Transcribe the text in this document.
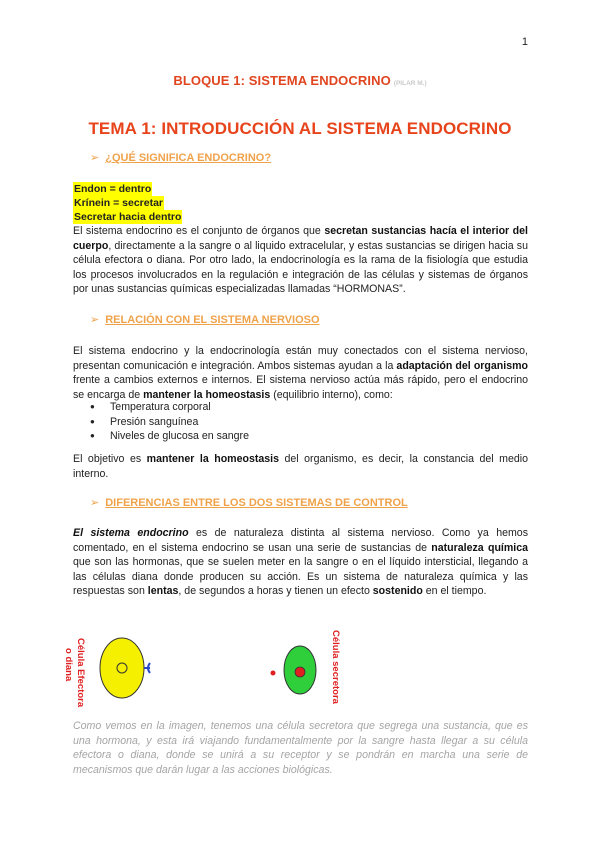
1
BLOQUE 1: SISTEMA ENDOCRINO (PILAR M.)
TEMA 1: INTRODUCCIÓN AL SISTEMA ENDOCRINO
➢ ¿QUÉ SIGNIFICA ENDOCRINO?
Endon = dentro
Krínein = secretar
Secretar hacia dentro
El sistema endocrino es el conjunto de órganos que secretan sustancias hacía el interior del cuerpo, directamente a la sangre o al liquido extracelular, y estas sustancias se dirigen hacia su célula efectora o diana. Por otro lado, la endocrinología es la rama de la fisiología que estudia los procesos involucrados en la regulación e integración de las células y sistemas de órganos por unas sustancias químicas especializadas llamadas “HORMONAS”.
➢ RELACIÓN CON EL SISTEMA NERVIOSO
El sistema endocrino y la endocrinología están muy conectados con el sistema nervioso, presentan comunicación e integración. Ambos sistemas ayudan a la adaptación del organismo frente a cambios externos e internos. El sistema nervioso actúa más rápido, pero el endocrino se encarga de mantener la homeostasis (equilibrio interno), como:
● Temperatura corporal
● Presión sanguínea
● Niveles de glucosa en sangre
El objetivo es mantener la homeostasis del organismo, es decir, la constancia del medio interno.
➢ DIFERENCIAS ENTRE LOS DOS SISTEMAS DE CONTROL
El sistema endocrino es de naturaleza distinta al sistema nervioso. Como ya hemos comentado, en el sistema endocrino se usan una serie de sustancias de naturaleza química que son las hormonas, que se suelen meter en la sangre o en el líquido intersticial, llegando a las células diana donde producen su acción. Es un sistema de naturaleza química y las respuestas son lentas, de segundos a horas y tienen un efecto sostenido en el tiempo.
Célula Efectora
o diana	Célula secretora
Como vemos en la imagen, tenemos una célula secretora que segrega una sustancia, que es una hormona, y esta irá viajando fundamentalmente por la sangre hasta llegar a su célula efectora o diana, donde se unirá a su receptor y se pondrán en marcha una serie de mecanismos que darán lugar a las acciones biológicas.
